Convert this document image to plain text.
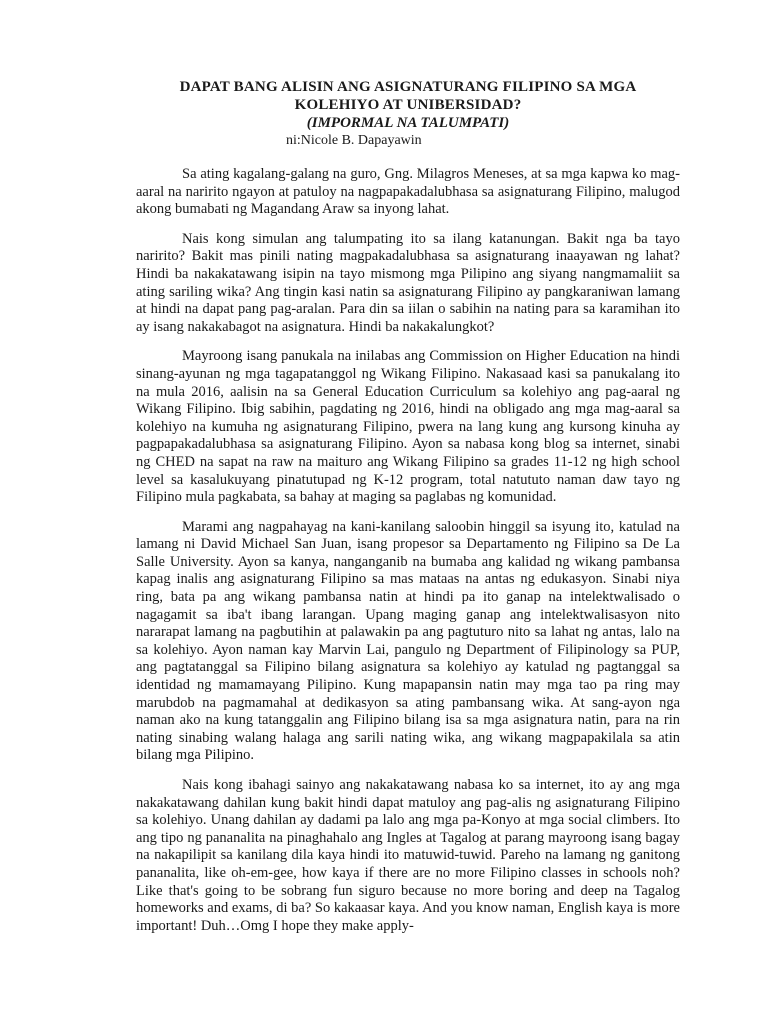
DAPAT BANG ALISIN ANG ASIGNATURANG FILIPINO SA MGA

KOLEHIYO AT UNIBERSIDAD?

(IMPORMAL NA TALUMPATI)

ni:Nicole B. Dapayawin

Sa ating kagalang-galang na guro, Gng. Milagros Meneses, at sa mga kapwa ko mag-aaral na naririto ngayon at patuloy na nagpapakadalubhasa sa asignaturang Filipino, malugod akong bumabati ng Magandang Araw sa inyong lahat.

Nais kong simulan ang talumpating ito sa ilang katanungan. Bakit nga ba tayo naririto? Bakit mas pinili nating magpakadalubhasa sa asignaturang inaayawan ng lahat? Hindi ba nakakatawang isipin na tayo mismong mga Pilipino ang siyang nangmamaliit sa ating sariling wika? Ang tingin kasi natin sa asignaturang Filipino ay pangkaraniwan lamang at hindi na dapat pang pag-aralan. Para din sa iilan o sabihin na nating para sa karamihan ito ay isang nakakabagot na asignatura. Hindi ba nakakalungkot?

Mayroong isang panukala na inilabas ang Commission on Higher Education na hindi sinang-ayunan ng mga tagapatanggol ng Wikang Filipino. Nakasaad kasi sa panukalang ito na mula 2016, aalisin na sa General Education Curriculum sa kolehiyo ang pag-aaral ng Wikang Filipino. Ibig sabihin, pagdating ng 2016, hindi na obligado ang mga mag-aaral sa kolehiyo na kumuha ng asignaturang Filipino, pwera na lang kung ang kursong kinuha ay pagpapakadalubhasa sa asignaturang Filipino. Ayon sa nabasa kong blog sa internet, sinabi ng CHED na sapat na raw na maituro ang Wikang Filipino sa grades 11-12 ng high school level sa kasalukuyang pinatutupad ng K-12 program, total natututo naman daw tayo ng Filipino mula pagkabata, sa bahay at maging sa paglabas ng komunidad.

Marami ang nagpahayag na kani-kanilang saloobin hinggil sa isyung ito, katulad na lamang ni David Michael San Juan, isang propesor sa Departamento ng Filipino sa De La Salle University. Ayon sa kanya, nanganganib na bumaba ang kalidad ng wikang pambansa kapag inalis ang asignaturang Filipino sa mas mataas na antas ng edukasyon. Sinabi niya ring, bata pa ang wikang pambansa natin at hindi pa ito ganap na intelektwalisado o nagagamit sa iba't ibang larangan. Upang maging ganap ang intelektwalisasyon nito nararapat lamang na pagbutihin at palawakin pa ang pagtuturo nito sa lahat ng antas, lalo na sa kolehiyo. Ayon naman kay Marvin Lai, pangulo ng Department of Filipinology sa PUP, ang pagtatanggal sa Filipino bilang asignatura sa kolehiyo ay katulad ng pagtanggal sa identidad ng mamamayang Pilipino. Kung mapapansin natin may mga tao pa ring may marubdob na pagmamahal at dedikasyon sa ating pambansang wika. At sang-ayon nga naman ako na kung tatanggalin ang Filipino bilang isa sa mga asignatura natin, para na rin nating sinabing walang halaga ang sarili nating wika, ang wikang magpapakilala sa atin bilang mga Pilipino.

Nais kong ibahagi sainyo ang nakakatawang nabasa ko sa internet, ito ay ang mga nakakatawang dahilan kung bakit hindi dapat matuloy ang pag-alis ng asignaturang Filipino sa kolehiyo. Unang dahilan ay dadami pa lalo ang mga pa-Konyo at mga social climbers. Ito ang tipo ng pananalita na pinaghahalo ang Ingles at Tagalog at parang mayroong isang bagay na nakapilipit sa kanilang dila kaya hindi ito matuwid-tuwid. Pareho na lamang ng ganitong pananalita, like oh-em-gee, how kaya if there are no more Filipino classes in schools noh? Like that's going to be sobrang fun siguro because no more boring and deep na Tagalog homeworks and exams, di ba? So kakaasar kaya. And you know naman, English kaya is more important! Duh…Omg I hope they make apply-
